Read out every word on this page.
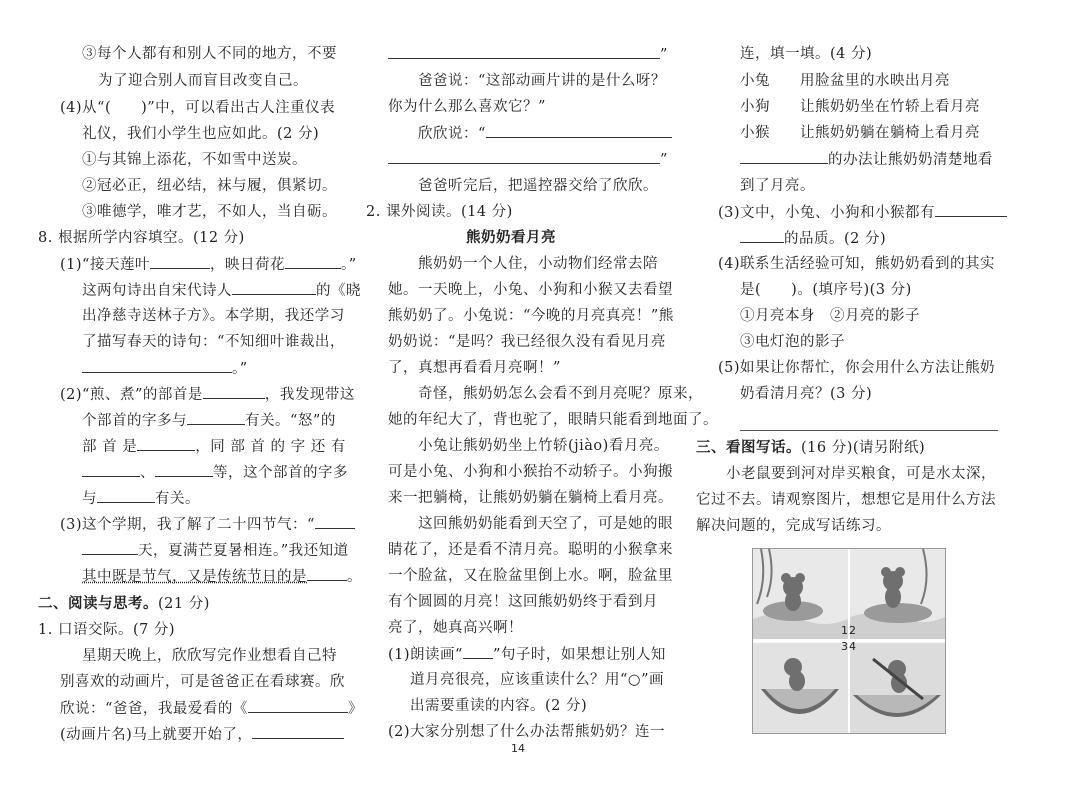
③每个人都有和别人不同的地方，不要
为了迎合别人而盲目改变自己。
(4)从“(　　)”中，可以看出古人注重仪表
礼仪，我们小学生也应如此。(2 分)
①与其锦上添花，不如雪中送炭。
②冠必正，纽必结，袜与履，俱紧切。
③唯德学，唯才艺，不如人，当自砺。
8. 根据所学内容填空。(12 分)
(1)“接天莲叶	，映日荷花	。”
这两句诗出自宋代诗人	的《晓
出净慈寺送林子方》。本学期，我还学习
了描写春天的诗句：“不知细叶谁裁出，
。”
(2)“煎、煮”的部首是	，我发现带这
个部首的字多与	有关。“怒”的
部 首 是	，同 部 首 的 字 还 有
、	等，这个部首的字多
与	有关。
(3)这个学期，我了解了二十四节气：“
天，夏满芒夏暑相连。”我还知道
其中既是节气，又是传统节日的是	。
二、阅读与思考。(21 分)
1. 口语交际。(7 分)
星期天晚上，欣欣写完作业想看自己特
别喜欢的动画片，可是爸爸正在看球赛。欣
欣说：“爸爸，我最爱看的《	》
(动画片名)马上就要开始了，
”
爸爸说：“这部动画片讲的是什么呀？
你为什么那么喜欢它？”
欣欣说：“
”
爸爸听完后，把遥控器交给了欣欣。
2. 课外阅读。(14 分)
熊奶奶看月亮
熊奶奶一个人住，小动物们经常去陪
她。一天晚上，小兔、小狗和小猴又去看望
熊奶奶了。小兔说：“今晚的月亮真亮！”熊
奶奶说：“是吗？我已经很久没有看见月亮
了，真想再看看月亮啊！”
奇怪，熊奶奶怎么会看不到月亮呢？原来，
她的年纪大了，背也驼了，眼睛只能看到地面了。
小兔让熊奶奶坐上竹轿(jiào)看月亮。
可是小兔、小狗和小猴抬不动轿子。小狗搬
来一把躺椅，让熊奶奶躺在躺椅上看月亮。
这回熊奶奶能看到天空了，可是她的眼
睛花了，还是看不清月亮。聪明的小猴拿来
一个脸盆，又在脸盆里倒上水。啊，脸盆里
有个圆圆的月亮！这回熊奶奶终于看到月
亮了，她真高兴啊！
(1)朗读画“ ”句子时，如果想让别人知
道月亮很亮，应该重读什么？用“○”画
出需要重读的内容。(2 分)
(2)大家分别想了什么办法帮熊奶奶？连一
连，填一填。(4 分)
小兔 用脸盆里的水映出月亮
小狗 让熊奶奶坐在竹轿上看月亮
小猴 让熊奶奶躺在躺椅上看月亮
的办法让熊奶奶清楚地看
到了月亮。
(3)文中，小兔、小狗和小猴都有
的品质。(2 分)
(4)联系生活经验可知，熊奶奶看到的其实
是(　　)。(填序号)(3 分)
①月亮本身　②月亮的影子
③电灯泡的影子
(5)如果让你帮忙，你会用什么方法让熊奶
奶看清月亮？(3 分)
三、看图写话。(16 分)(请另附纸)
小老鼠要到河对岸买粮食，可是水太深，
它过不去。请观察图片，想想它是用什么方法
解决问题的，完成写话练习。
1 2
3 4
14
